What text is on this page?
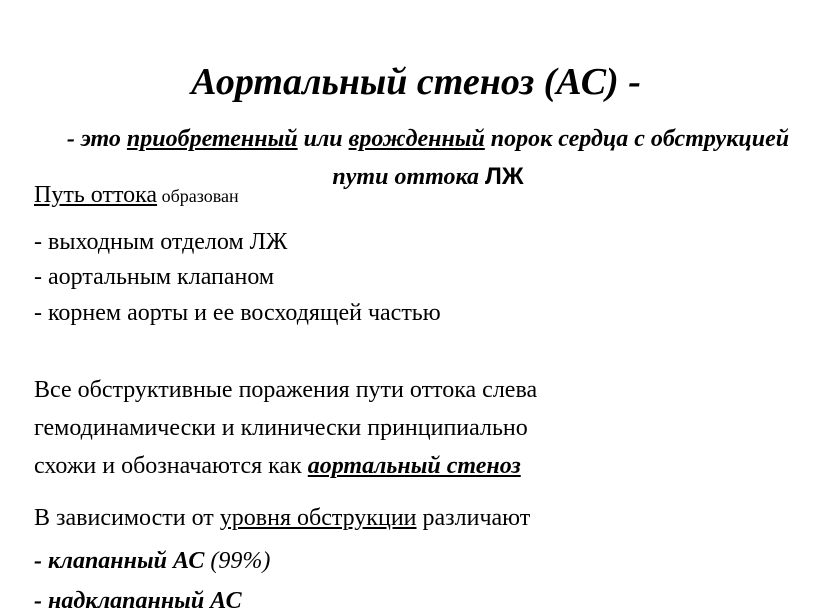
Аортальный стеноз (АС) -
- это приобретенный или врожденный порок сердца с обструкцией пути оттока ЛЖ
Путь оттока образован
- выходным отделом ЛЖ
- аортальным клапаном
- корнем аорты и ее восходящей частью
Все обструктивные поражения пути оттока слева
гемодинамически и клинически принципиально
схожи и обозначаются как аортальный стеноз
В зависимости от уровня обструкции различают
- клапанный АС (99%)
- надклапанный АС
